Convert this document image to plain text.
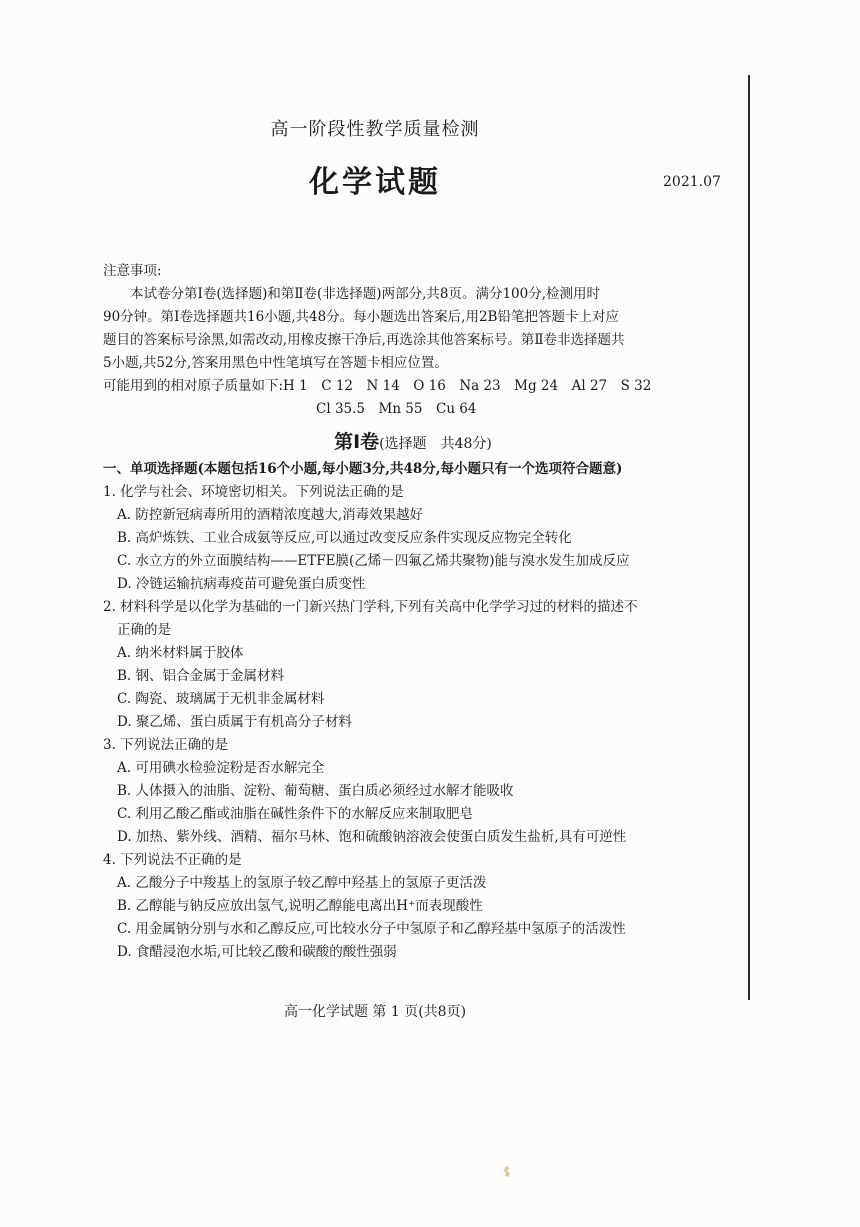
高一阶段性教学质量检测
化学试题	2021.07

注意事项:

本试卷分第Ⅰ卷(选择题)和第Ⅱ卷(非选择题)两部分,共8页。满分100分,检测用时

90分钟。第Ⅰ卷选择题共16小题,共48分。每小题选出答案后,用2B铅笔把答题卡上对应

题目的答案标号涂黑,如需改动,用橡皮擦干净后,再选涂其他答案标号。第Ⅱ卷非选择题共

5小题,共52分,答案用黑色中性笔填写在答题卡相应位置。

可能用到的相对原子质量如下:H 1　C 12　N 14　O 16　Na 23　Mg 24　Al 27　S 32

Cl 35.5　Mn 55　Cu 64

第Ⅰ卷(选择题　共48分)

一、单项选择题(本题包括16个小题,每小题3分,共48分,每小题只有一个选项符合题意)

1. 化学与社会、环境密切相关。下列说法正确的是

A. 防控新冠病毒所用的酒精浓度越大,消毒效果越好

B. 高炉炼铁、工业合成氨等反应,可以通过改变反应条件实现反应物完全转化

C. 水立方的外立面膜结构——ETFE膜(乙烯－四氟乙烯共聚物)能与溴水发生加成反应

D. 冷链运输抗病毒疫苗可避免蛋白质变性

2. 材料科学是以化学为基础的一门新兴热门学科,下列有关高中化学学习过的材料的描述不

正确的是

A. 纳米材料属于胶体

B. 钢、铝合金属于金属材料

C. 陶瓷、玻璃属于无机非金属材料

D. 聚乙烯、蛋白质属于有机高分子材料

3. 下列说法正确的是

A. 可用碘水检验淀粉是否水解完全

B. 人体摄入的油脂、淀粉、葡萄糖、蛋白质必须经过水解才能吸收

C. 利用乙酸乙酯或油脂在碱性条件下的水解反应来制取肥皂

D. 加热、紫外线、酒精、福尔马林、饱和硫酸钠溶液会使蛋白质发生盐析,具有可逆性

4. 下列说法不正确的是

A. 乙酸分子中羧基上的氢原子较乙醇中羟基上的氢原子更活泼

B. 乙醇能与钠反应放出氢气,说明乙醇能电离出H⁺而表现酸性

C. 用金属钠分别与水和乙醇反应,可比较水分子中氢原子和乙醇羟基中氢原子的活泼性

D. 食醋浸泡水垢,可比较乙酸和碳酸的酸性强弱

高一化学试题 第 1 页(共8页)
